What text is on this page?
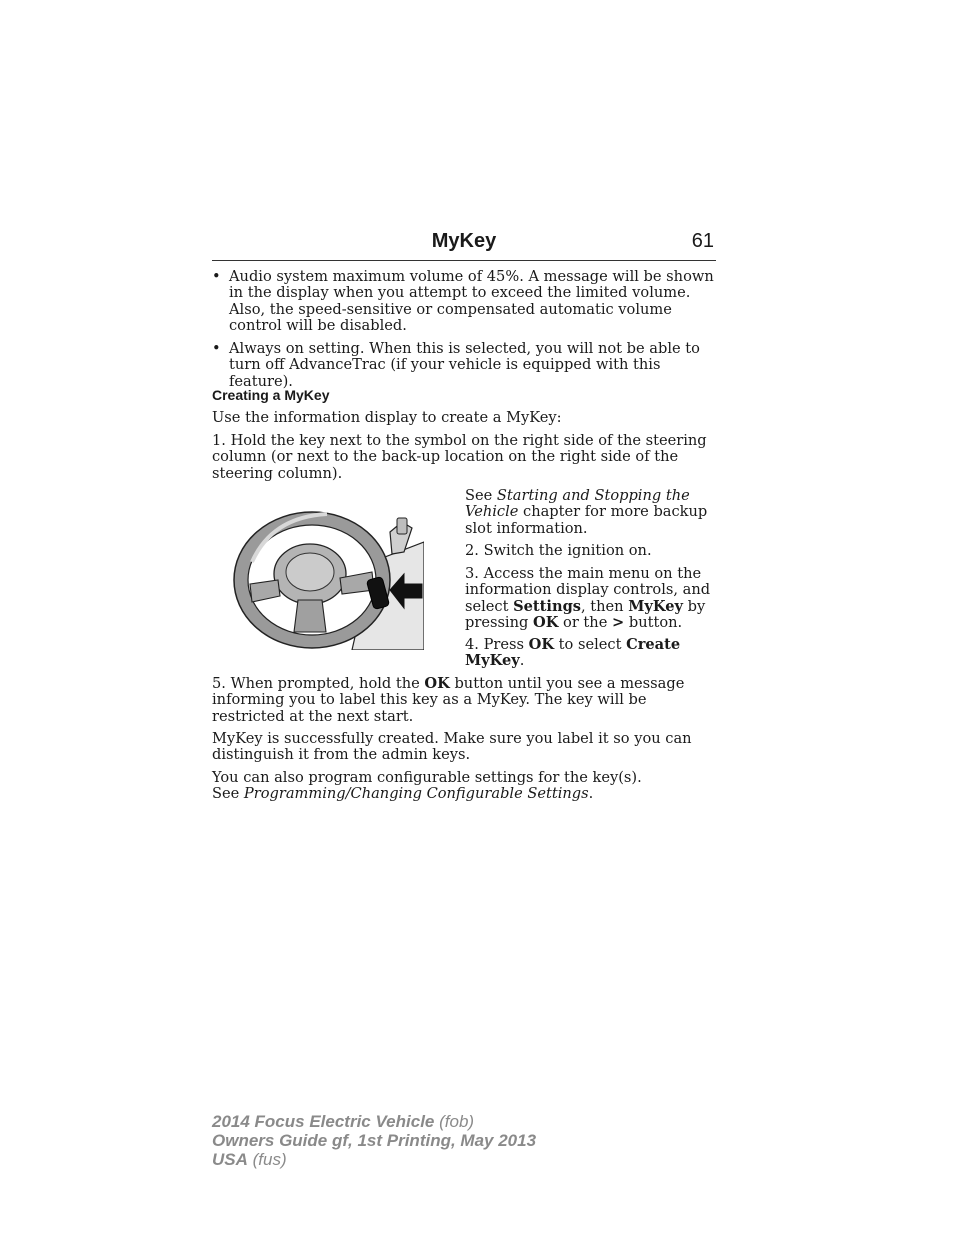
MyKey	61
• Audio system maximum volume of 45%. A message will be shown in the display when you attempt to exceed the limited volume. Also, the speed-sensitive or compensated automatic volume control will be disabled.
• Always on setting. When this is selected, you will not be able to turn off AdvanceTrac (if your vehicle is equipped with this feature).
Creating a MyKey
Use the information display to create a MyKey:
1. Hold the key next to the symbol on the right side of the steering column (or next to the back-up location on the right side of the steering column).
See Starting and Stopping the Vehicle chapter for more backup slot information.
2. Switch the ignition on.
3. Access the main menu on the information display controls, and select Settings, then MyKey by pressing OK or the > button.
4. Press OK to select Create MyKey.
5. When prompted, hold the OK button until you see a message informing you to label this key as a MyKey. The key will be restricted at the next start.
MyKey is successfully created. Make sure you label it so you can distinguish it from the admin keys.
You can also program configurable settings for the key(s).
See Programming/Changing Configurable Settings.
2014 Focus Electric Vehicle (fob)
Owners Guide gf, 1st Printing, May 2013
USA (fus)
